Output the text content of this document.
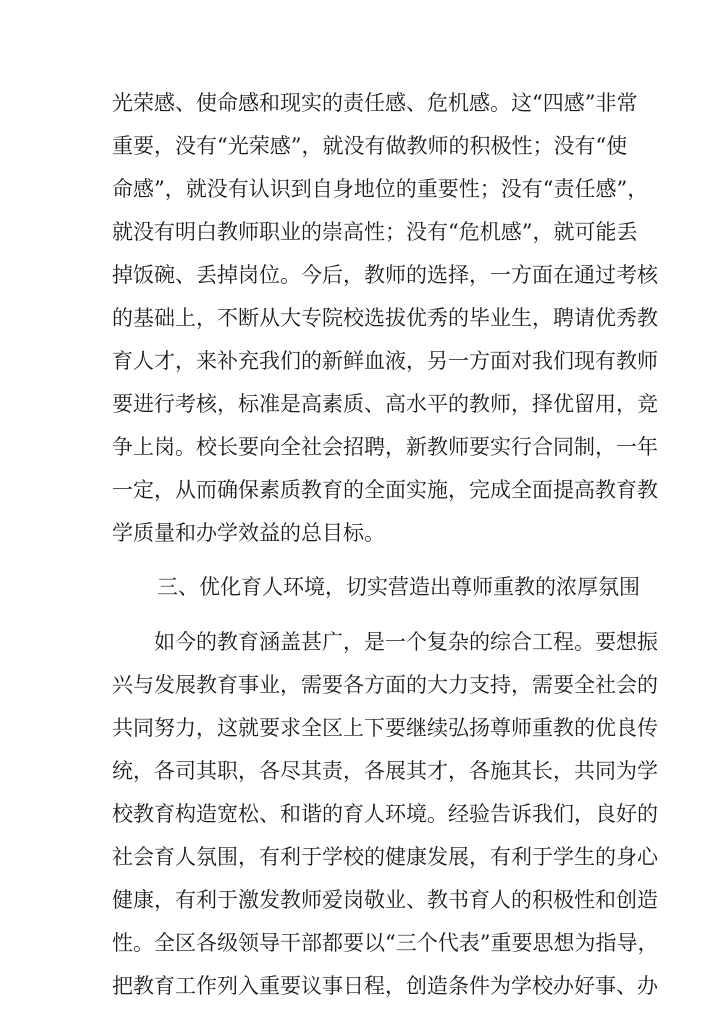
光荣感、使命感和现实的责任感、危机感。这“四感”非常
重要，没有“光荣感”，就没有做教师的积极性；没有“使
命感”，就没有认识到自身地位的重要性；没有“责任感”，
就没有明白教师职业的崇高性；没有“危机感”，就可能丢
掉饭碗、丢掉岗位。今后，教师的选择，一方面在通过考核
的基础上，不断从大专院校选拔优秀的毕业生，聘请优秀教
育人才，来补充我们的新鲜血液，另一方面对我们现有教师
要进行考核，标准是高素质、高水平的教师，择优留用，竞
争上岗。校长要向全社会招聘，新教师要实行合同制，一年
一定，从而确保素质教育的全面实施，完成全面提高教育教
学质量和办学效益的总目标。
三、优化育人环境，切实营造出尊师重教的浓厚氛围
如今的教育涵盖甚广，是一个复杂的综合工程。要想振
兴与发展教育事业，需要各方面的大力支持，需要全社会的
共同努力，这就要求全区上下要继续弘扬尊师重教的优良传
统，各司其职，各尽其责，各展其才，各施其长，共同为学
校教育构造宽松、和谐的育人环境。经验告诉我们，良好的
社会育人氛围，有利于学校的健康发展，有利于学生的身心
健康，有利于激发教师爱岗敬业、教书育人的积极性和创造
性。全区各级领导干部都要以“三个代表”重要思想为指导，
把教育工作列入重要议事日程，创造条件为学校办好事、办
